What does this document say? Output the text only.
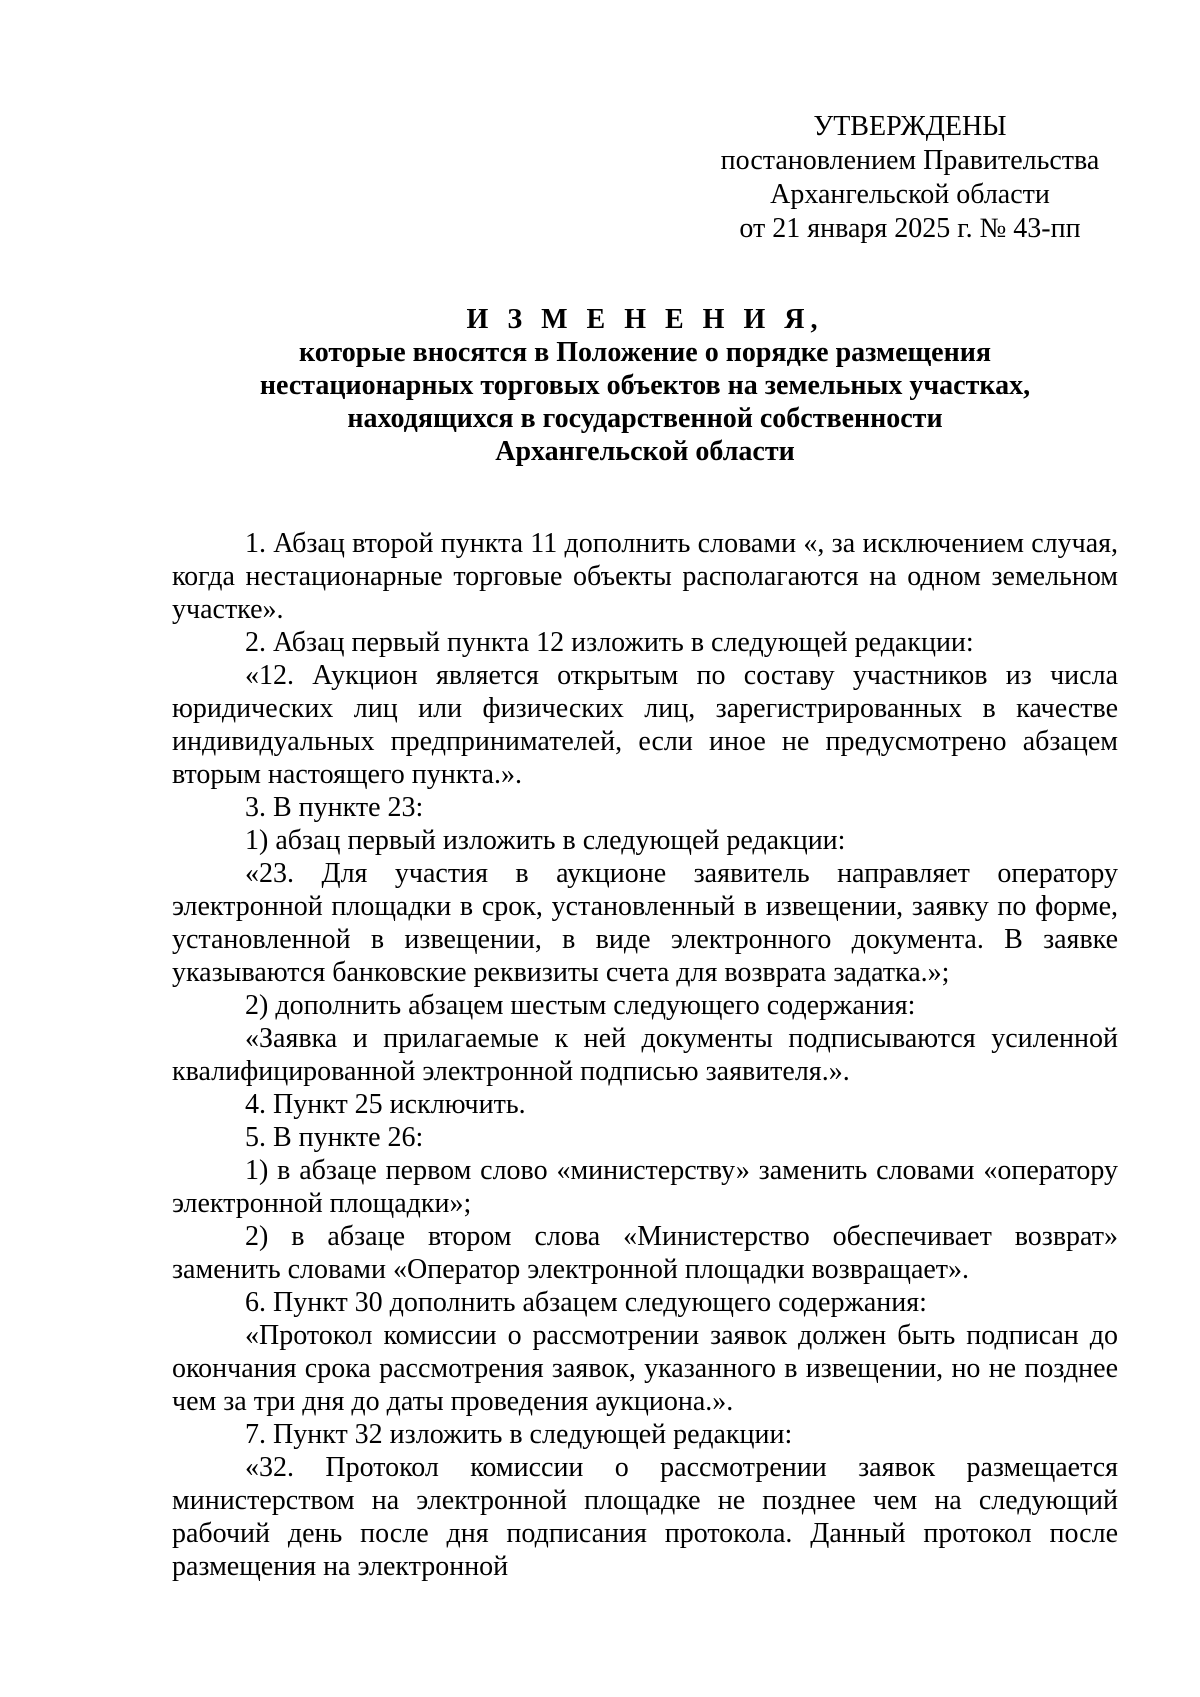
УТВЕРЖДЕНЫ
постановлением Правительства
Архангельской области
от 21 января 2025 г. № 43-пп
И З М Е Н Е Н И Я,
которые вносятся в Положение о порядке размещения
нестационарных торговых объектов на земельных участках,
находящихся в государственной собственности
Архангельской области

1. Абзац второй пункта 11 дополнить словами «, за исключением случая, когда нестационарные торговые объекты располагаются на одном земельном участке».

2. Абзац первый пункта 12 изложить в следующей редакции:

«12. Аукцион является открытым по составу участников из числа юридических лиц или физических лиц, зарегистрированных в качестве индивидуальных предпринимателей, если иное не предусмотрено абзацем вторым настоящего пункта.».

3. В пункте 23:

1) абзац первый изложить в следующей редакции:

«23. Для участия в аукционе заявитель направляет оператору электронной площадки в срок, установленный в извещении, заявку по форме, установленной в извещении, в виде электронного документа. В заявке указываются банковские реквизиты счета для возврата задатка.»;

2) дополнить абзацем шестым следующего содержания:

«Заявка и прилагаемые к ней документы подписываются усиленной квалифицированной электронной подписью заявителя.».

4. Пункт 25 исключить.

5. В пункте 26:

1) в абзаце первом слово «министерству» заменить словами «оператору электронной площадки»;

2) в абзаце втором слова «Министерство обеспечивает возврат» заменить словами «Оператор электронной площадки возвращает».

6. Пункт 30 дополнить абзацем следующего содержания:

«Протокол комиссии о рассмотрении заявок должен быть подписан до окончания срока рассмотрения заявок, указанного в извещении, но не позднее чем за три дня до даты проведения аукциона.».

7. Пункт 32 изложить в следующей редакции:

«32. Протокол комиссии о рассмотрении заявок размещается министерством на электронной площадке не позднее чем на следующий рабочий день после дня подписания протокола. Данный протокол после размещения на электронной
